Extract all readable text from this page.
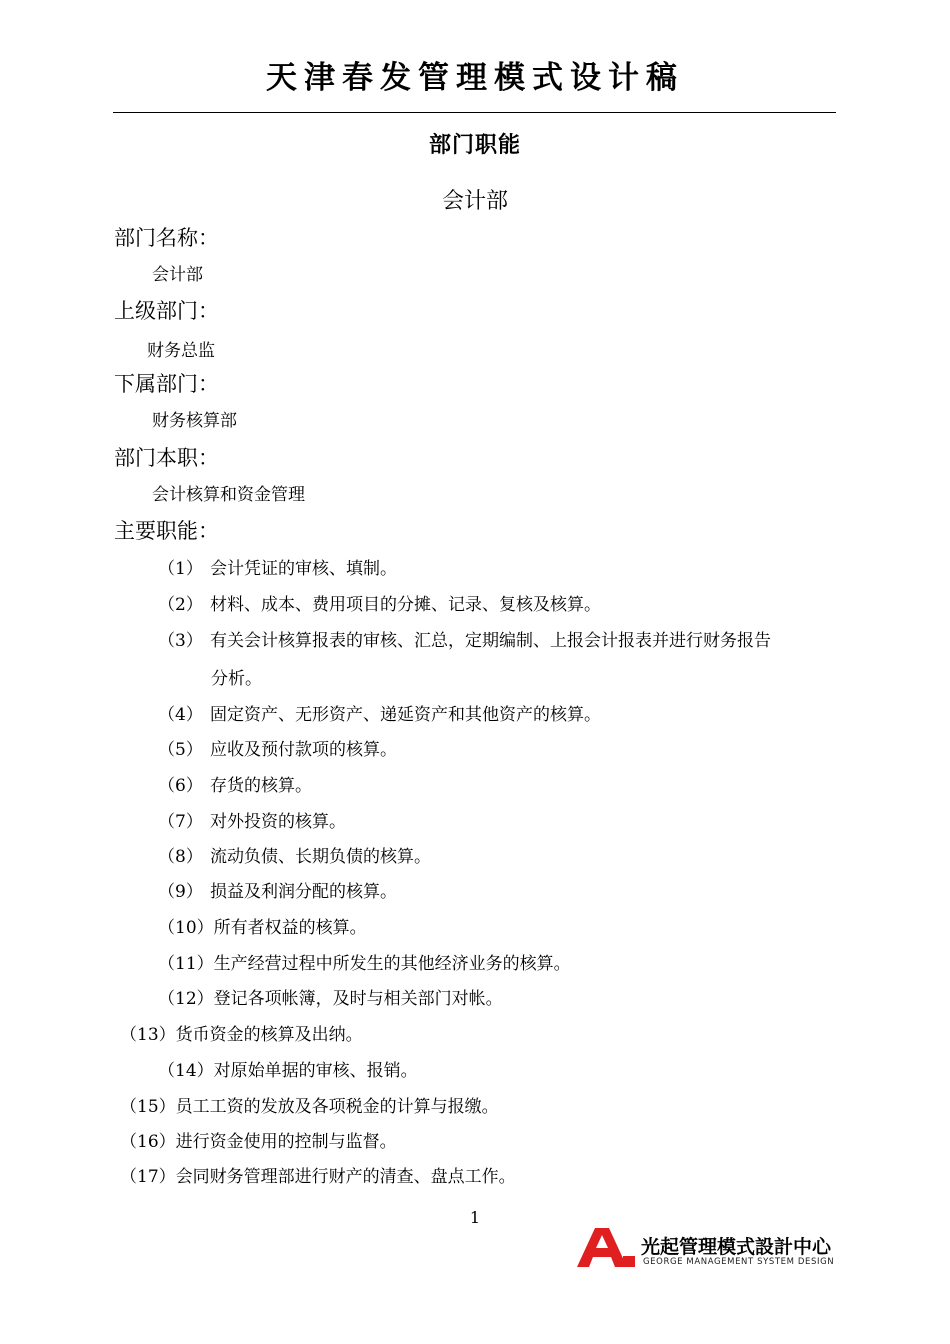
天津春发管理模式设计稿
部门职能
会计部
部门名称：
会计部
上级部门：
财务总监
下属部门：
财务核算部
部门本职：
会计核算和资金管理
主要职能：
（1） 会计凭证的审核、填制。
（2） 材料、成本、费用项目的分摊、记录、复核及核算。
（3） 有关会计核算报表的审核、汇总，定期编制、上报会计报表并进行财务报告
分析。
（4） 固定资产、无形资产、递延资产和其他资产的核算。
（5） 应收及预付款项的核算。
（6） 存货的核算。
（7） 对外投资的核算。
（8） 流动负债、长期负债的核算。
（9） 损益及利润分配的核算。
（10）所有者权益的核算。
（11）生产经营过程中所发生的其他经济业务的核算。
（12）登记各项帐簿，及时与相关部门对帐。
（13）货币资金的核算及出纳。
（14）对原始单据的审核、报销。
（15）员工工资的发放及各项税金的计算与报缴。
（16）进行资金使用的控制与监督。
（17）会同财务管理部进行财产的清查、盘点工作。
1
光起管理模式設計中心
GEORGE MANAGEMENT SYSTEM DESIGN
